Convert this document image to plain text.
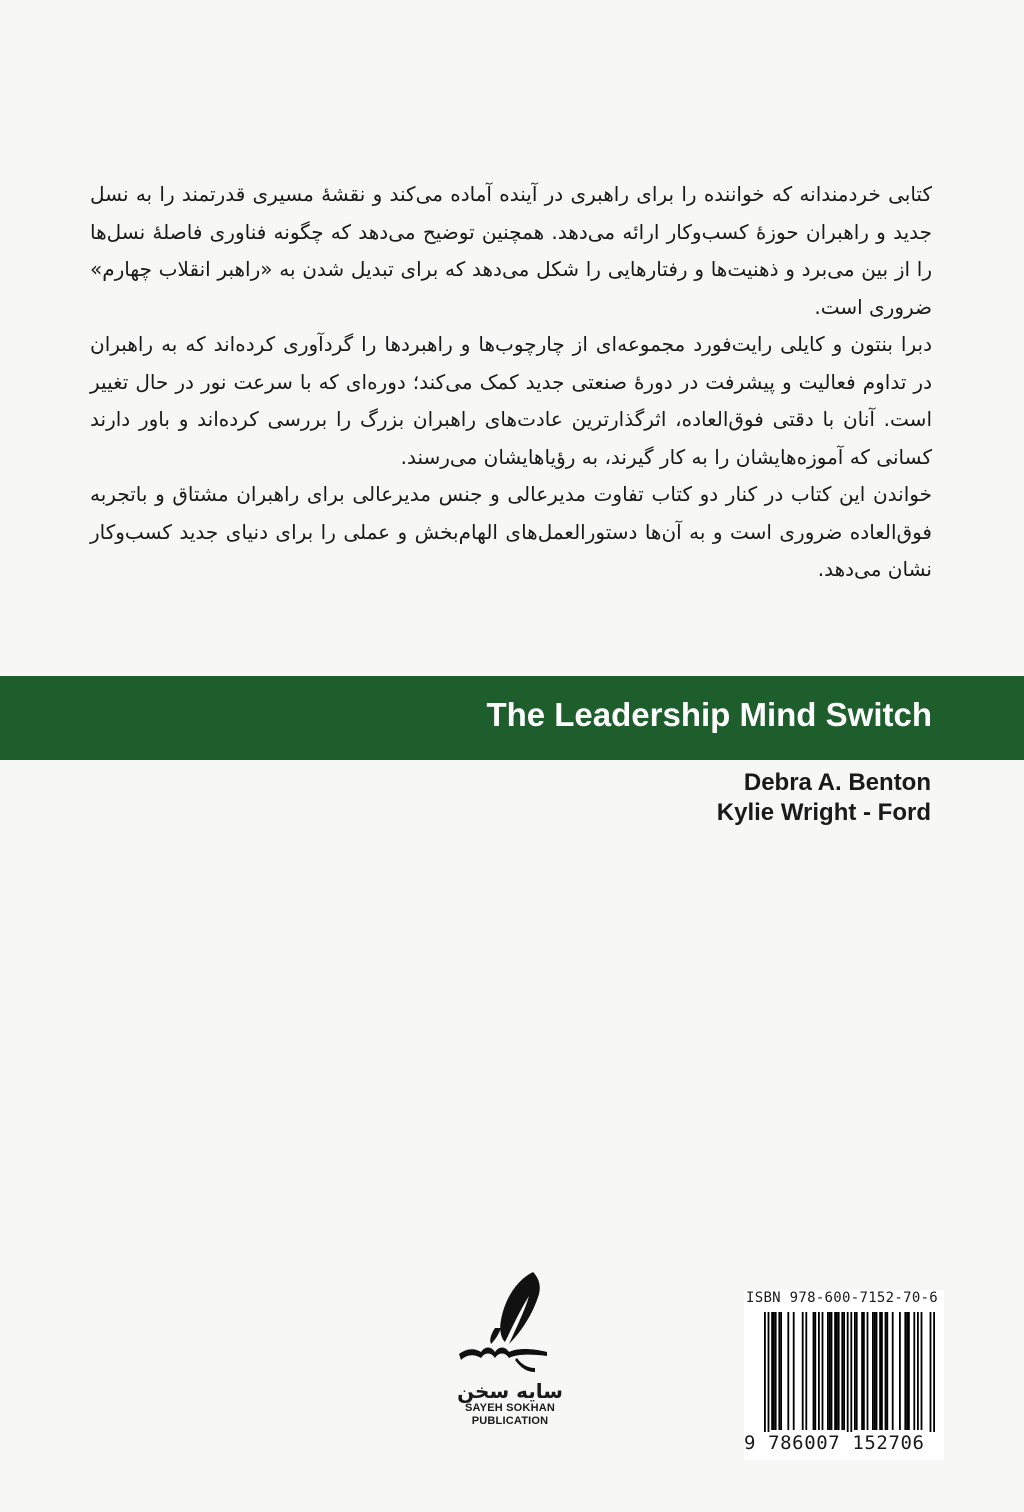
کتابی خردمندانه که خواننده را برای راهبری در آینده آماده می‌کند و نقشهٔ مسیری قدرتمند را به نسل جدید و راهبران حوزهٔ کسب‌وکار ارائه می‌دهد. همچنین توضیح می‌دهد که چگونه فناوری فاصلهٔ نسل‌ها را از بین می‌برد و ذهنیت‌ها و رفتارهایی را شکل می‌دهد که برای تبدیل شدن به «راهبر انقلاب چهارم» ضروری است.

دبرا بنتون و کایلی رایت‌فورد مجموعه‌ای از چارچوب‌ها و راهبردها را گردآوری کرده‌اند که به راهبران در تداوم فعالیت و پیشرفت در دورهٔ صنعتی جدید کمک می‌کند؛ دوره‌ای که با سرعت نور در حال تغییر است. آنان با دقتی فوق‌العاده، اثرگذارترین عادت‌های راهبران بزرگ را بررسی کرده‌اند و باور دارند کسانی که آموزه‌هایشان را به کار گیرند، به رؤیاهایشان می‌رسند.

خواندن این کتاب در کنار دو کتاب تفاوت مدیرعالی و جنس مدیرعالی برای راهبران مشتاق و باتجربه فوق‌العاده ضروری است و به آن‌ها دستورالعمل‌های الهام‌بخش و عملی را برای دنیای جدید کسب‌وکار نشان می‌دهد.

The Leadership Mind Switch
Debra A. Benton
Kylie Wright - Ford
سایه سخن
SAYEH SOKHAN
PUBLICATION
ISBN 978-600-7152-70-6
9 786007 152706
